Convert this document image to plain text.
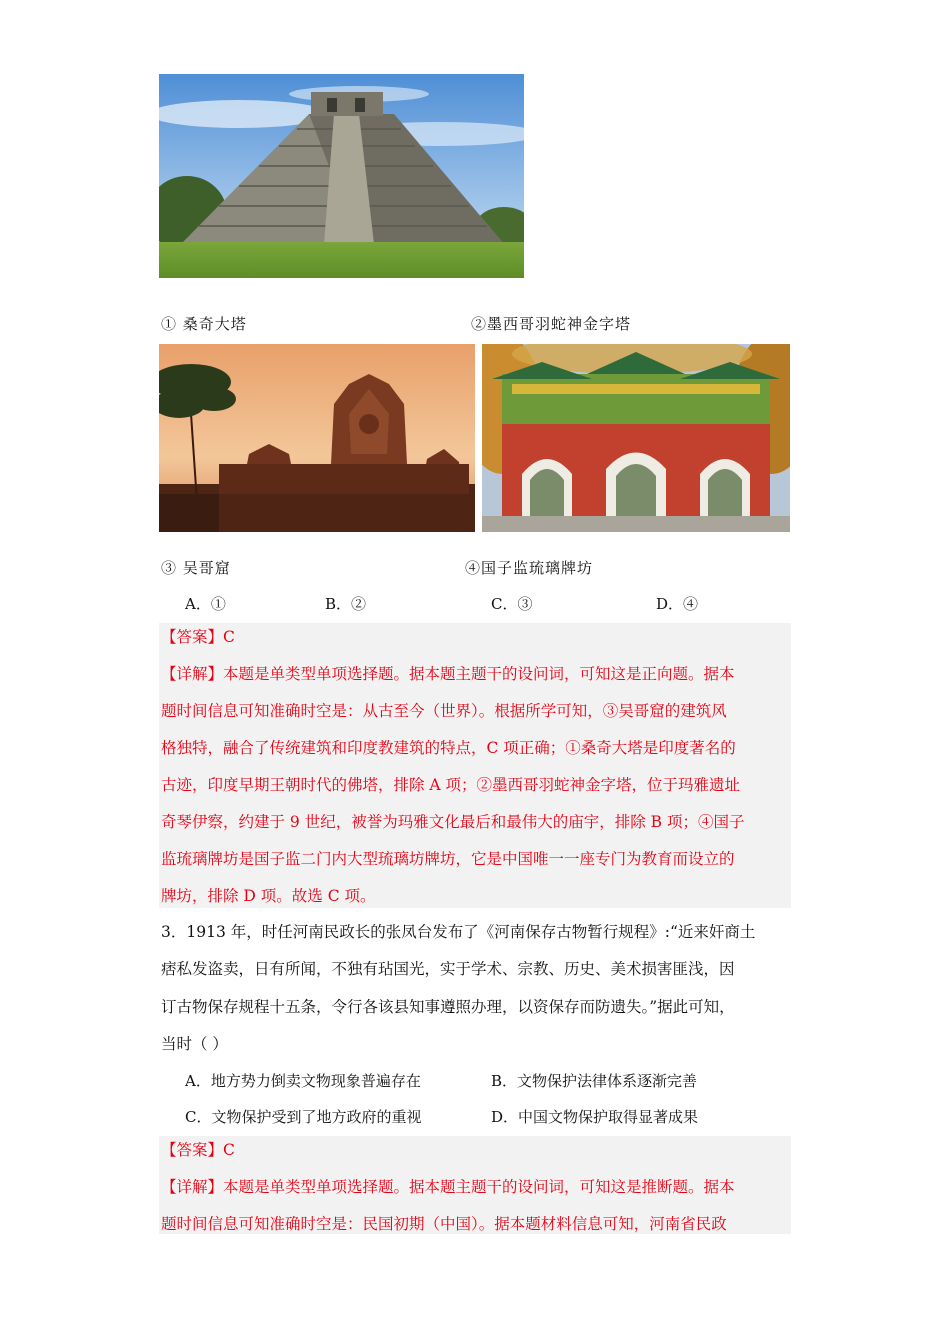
① 桑奇大塔	②墨西哥羽蛇神金字塔
③ 吴哥窟	④国子监琉璃牌坊
A．①	B．②	C．③	D．④
【答案】C
【详解】本题是单类型单项选择题。据本题主题干的设问词，可知这是正向题。据本
题时间信息可知准确时空是：从古至今（世界）。根据所学可知，③吴哥窟的建筑风
格独特，融合了传统建筑和印度教建筑的特点，C 项正确；①桑奇大塔是印度著名的
古迹，印度早期王朝时代的佛塔，排除 A 项；②墨西哥羽蛇神金字塔，位于玛雅遗址
奇琴伊察，约建于 9 世纪，被誉为玛雅文化最后和最伟大的庙宇，排除 B 项；④国子
监琉璃牌坊是国子监二门内大型琉璃坊牌坊，它是中国唯一一座专门为教育而设立的
牌坊，排除 D 项。故选 C 项。
3．1913 年，时任河南民政长的张凤台发布了《河南保存古物暂行规程》:“近来奸商土
痞私发盗卖，日有所闻，不独有玷国光，实于学术、宗教、历史、美术损害匪浅，因
订古物保存规程十五条，令行各该县知事遵照办理，以资保存而防遗失。”据此可知，
当时（ ）
A．地方势力倒卖文物现象普遍存在	B．文物保护法律体系逐渐完善
C．文物保护受到了地方政府的重视	D．中国文物保护取得显著成果
【答案】C
【详解】本题是单类型单项选择题。据本题主题干的设问词，可知这是推断题。据本
题时间信息可知准确时空是：民国初期（中国）。据本题材料信息可知，河南省民政
